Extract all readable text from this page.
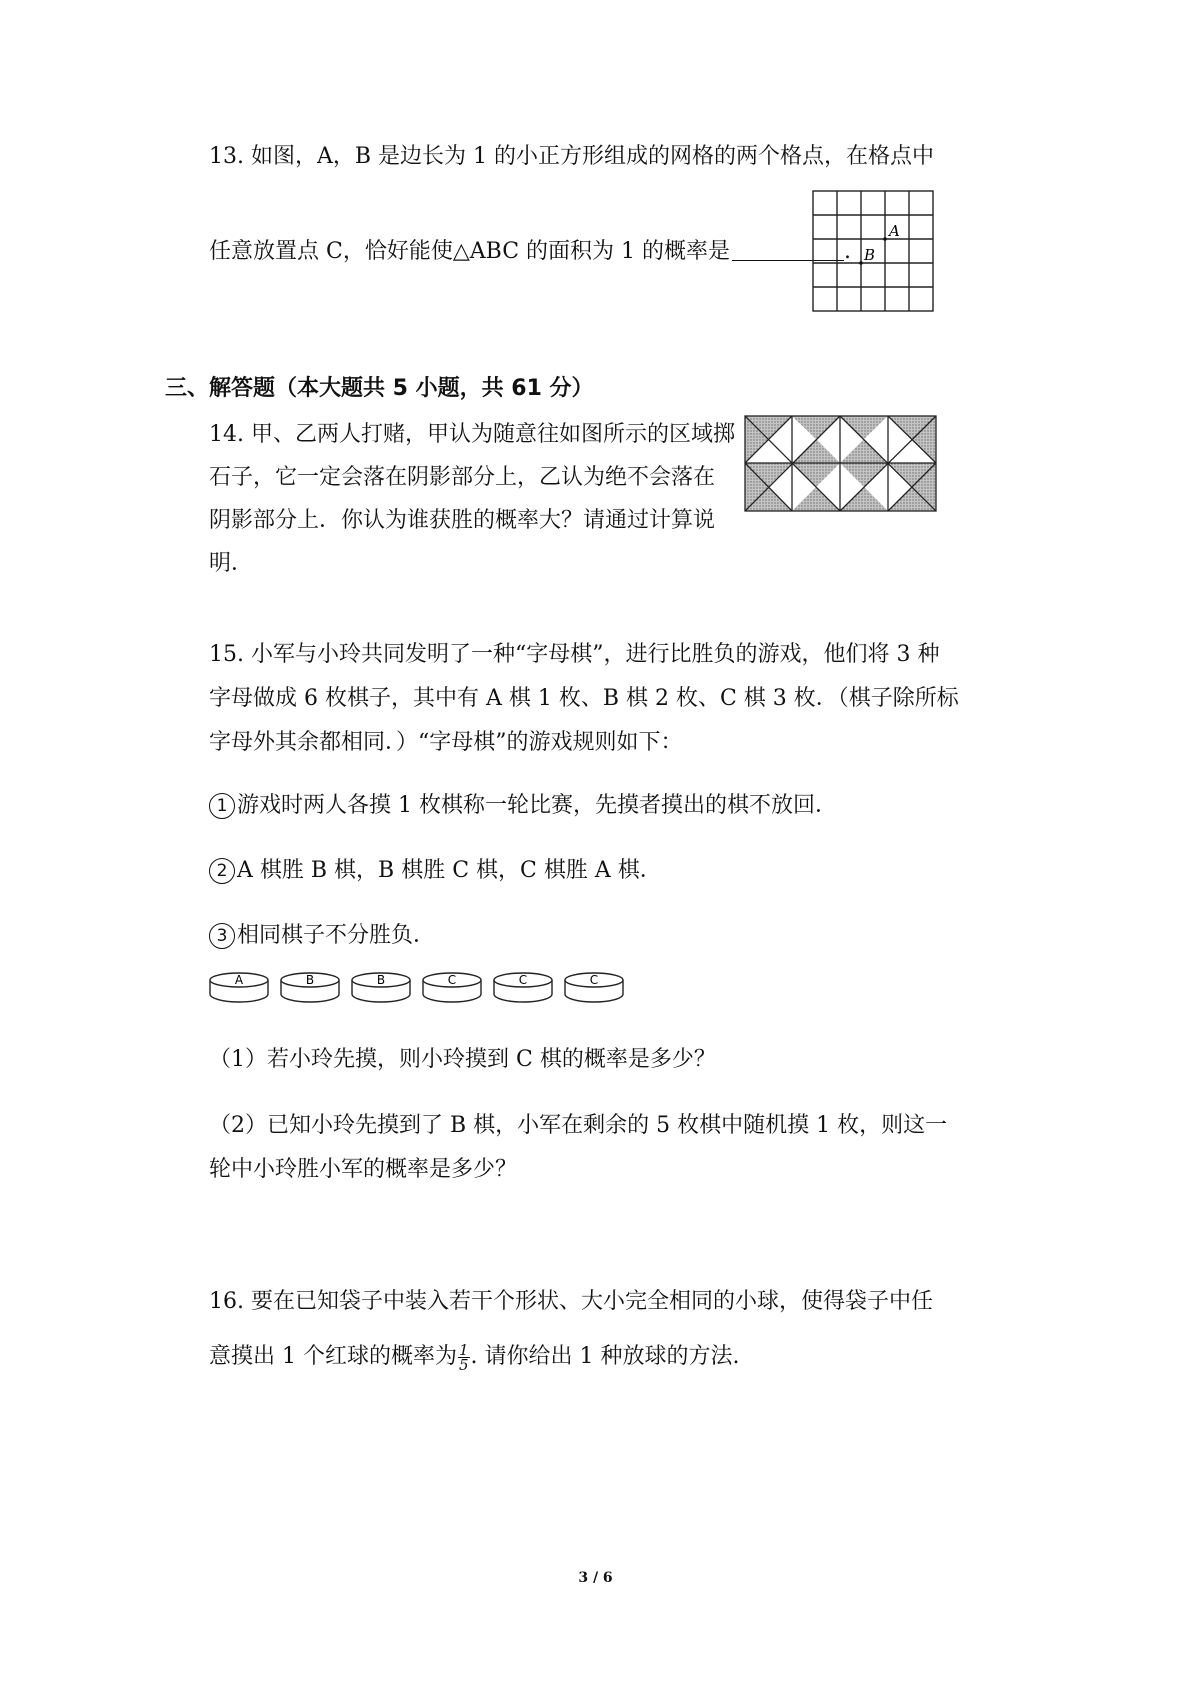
13. 如图，A，B 是边长为 1 的小正方形组成的网格的两个格点，在格点中
任意放置点 C，恰好能使△ABC 的面积为 1 的概率是	.
A
B
三、解答题（本大题共 5 小题，共 61 分）
14. 甲、乙两人打赌，甲认为随意往如图所示的区域掷
石子，它一定会落在阴影部分上，乙认为绝不会落在
阴影部分上．你认为谁获胜的概率大？请通过计算说
明．
15. 小军与小玲共同发明了一种“字母棋”，进行比胜负的游戏，他们将 3 种
字母做成 6 枚棋子，其中有 A 棋 1 枚、B 棋 2 枚、C 棋 3 枚．（棋子除所标
字母外其余都相同．）“字母棋”的游戏规则如下：
1 游戏时两人各摸 1 枚棋称一轮比赛，先摸者摸出的棋不放回．
2 A 棋胜 B 棋，B 棋胜 C 棋，C 棋胜 A 棋．
3 相同棋子不分胜负．
A	B	B	C	C	C
（1）若小玲先摸，则小玲摸到 C 棋的概率是多少？
（2）已知小玲先摸到了 B 棋，小军在剩余的 5 枚棋中随机摸 1 枚，则这一
轮中小玲胜小军的概率是多少？
16. 要在已知袋子中装入若干个形状、大小完全相同的小球，使得袋子中任
意摸出 1 个红球的概率为 $\frac{1}{5}$ . 请你给出 1 种放球的方法.
3 / 6
